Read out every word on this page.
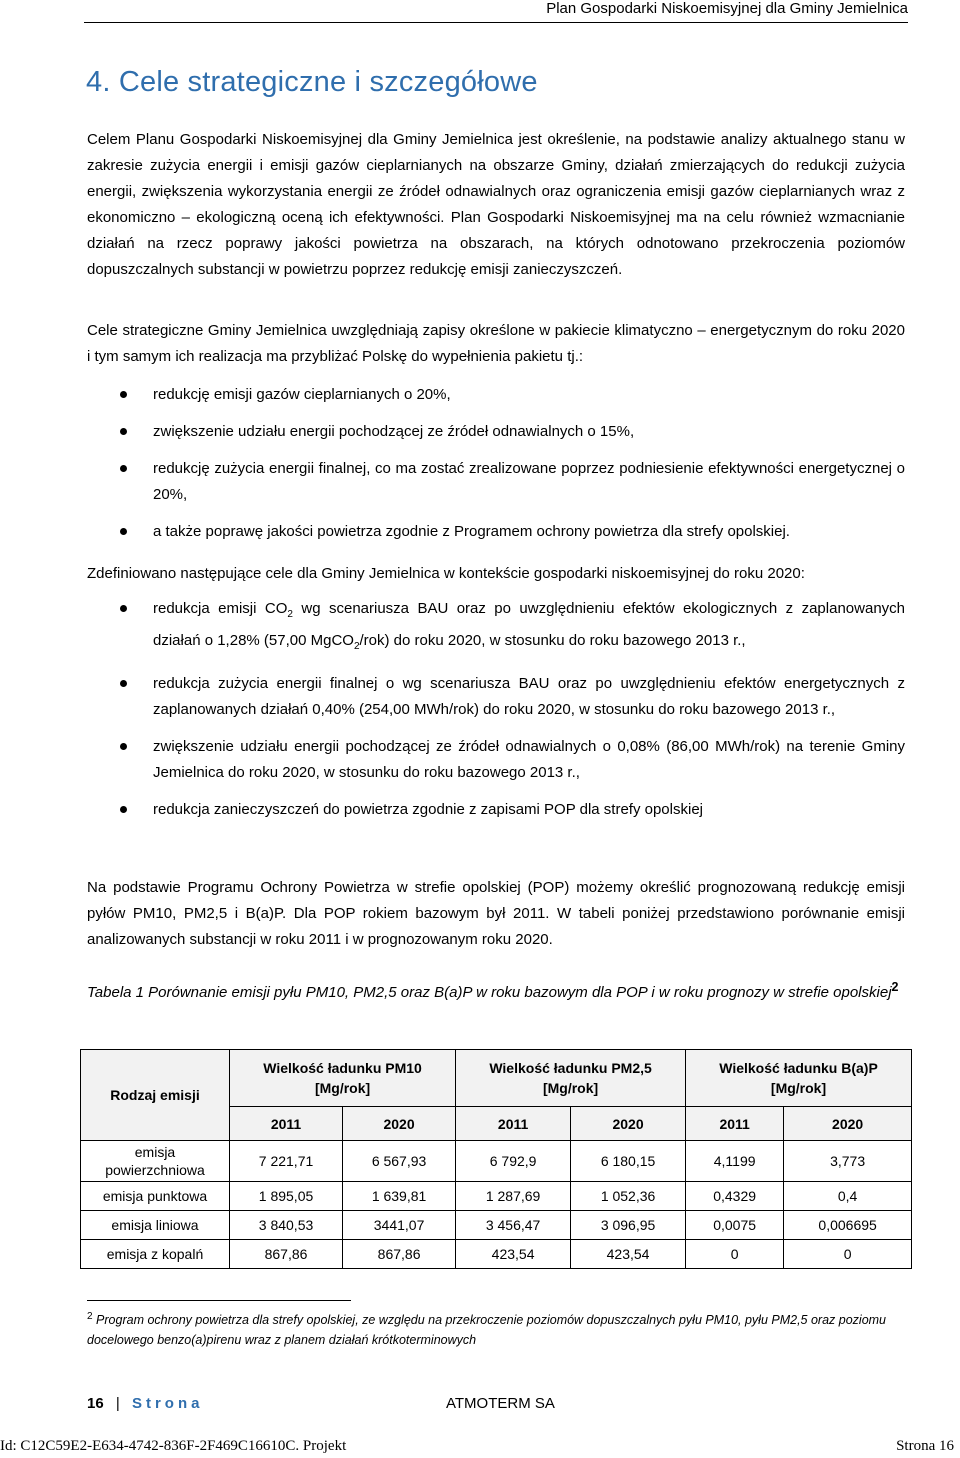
Plan Gospodarki Niskoemisyjnej dla Gminy Jemielnica
4. Cele strategiczne i szczegółowe

Celem Planu Gospodarki Niskoemisyjnej dla Gminy Jemielnica jest określenie, na podstawie analizy aktualnego stanu w zakresie zużycia energii i emisji gazów cieplarnianych na obszarze Gminy, działań zmierzających do redukcji zużycia energii, zwiększenia wykorzystania energii ze źródeł odnawialnych oraz ograniczenia emisji gazów cieplarnianych wraz z ekonomiczno – ekologiczną oceną ich efektywności. Plan Gospodarki Niskoemisyjnej ma na celu również wzmacnianie działań na rzecz poprawy jakości powietrza na obszarach, na których odnotowano przekroczenia poziomów dopuszczalnych substancji w powietrzu poprzez redukcję emisji zanieczyszczeń.

Cele strategiczne Gminy Jemielnica uwzględniają zapisy określone w pakiecie klimatyczno – energetycznym do roku 2020 i tym samym ich realizacja ma przybliżać Polskę do wypełnienia pakietu tj.:

redukcję emisji gazów cieplarnianych o 20%,
zwiększenie udziału energii pochodzącej ze źródeł odnawialnych o 15%,
redukcję zużycia energii finalnej, co ma zostać zrealizowane poprzez podniesienie efektywności energetycznej o 20%,
a także poprawę jakości powietrza zgodnie z Programem ochrony powietrza dla strefy opolskiej.

Zdefiniowano następujące cele dla Gminy Jemielnica w kontekście gospodarki niskoemisyjnej do roku 2020:

redukcja emisji $CO_2$ wg scenariusza BAU oraz po uwzględnieniu efektów ekologicznych z zaplanowanych działań o 1,28% (57,00 MgCO$_2$/rok) do roku 2020, w stosunku do roku bazowego 2013 r.,
redukcja zużycia energii finalnej o wg scenariusza BAU oraz po uwzględnieniu efektów energetycznych z zaplanowanych działań 0,40% (254,00 MWh/rok) do roku 2020, w stosunku do roku bazowego 2013 r.,
zwiększenie udziału energii pochodzącej ze źródeł odnawialnych o 0,08% (86,00 MWh/rok) na terenie Gminy Jemielnica do roku 2020, w stosunku do roku bazowego 2013 r.,
redukcja zanieczyszczeń do powietrza zgodnie z zapisami POP dla strefy opolskiej

Na podstawie Programu Ochrony Powietrza w strefie opolskiej (POP) możemy określić prognozowaną redukcję emisji pyłów PM10, PM2,5 i B(a)P. Dla POP rokiem bazowym był 2011. W tabeli poniżej przedstawiono porównanie emisji analizowanych substancji w roku 2011 i w prognozowanym roku 2020.

Tabela 1 Porównanie emisji pyłu PM10, PM2,5 oraz B(a)P w roku bazowym dla POP i w roku prognozy w strefie opolskiej$^2$

Rodzaj emisji	Wielkość ładunku PM10 [Mg/rok]		Wielkość ładunku PM2,5 [Mg/rok]		Wielkość ładunku B(a)P [Mg/rok]	
	2011	2020	2011	2020	2011	2020
emisja powierzchniowa	7 221,71	6 567,93	6 792,9	6 180,15	4,1199	3,773
emisja punktowa	1 895,05	1 639,81	1 287,69	1 052,36	0,4329	0,4
emisja liniowa	3 840,53	3441,07	3 456,47	3 096,95	0,0075	0,006695
emisja z kopalń	867,86	867,86	423,54	423,54	0	0

$^2$ Program ochrony powietrza dla strefy opolskiej, ze względu na przekroczenie poziomów dopuszczalnych pyłu PM10, pyłu PM2,5 oraz poziomu docelowego benzo(a)pirenu wraz z planem działań krótkoterminowych

16 | Strona	ATMOTERM SA
Id: C12C59E2-E634-4742-836F-2F469C16610C. Projekt	Strona 16
